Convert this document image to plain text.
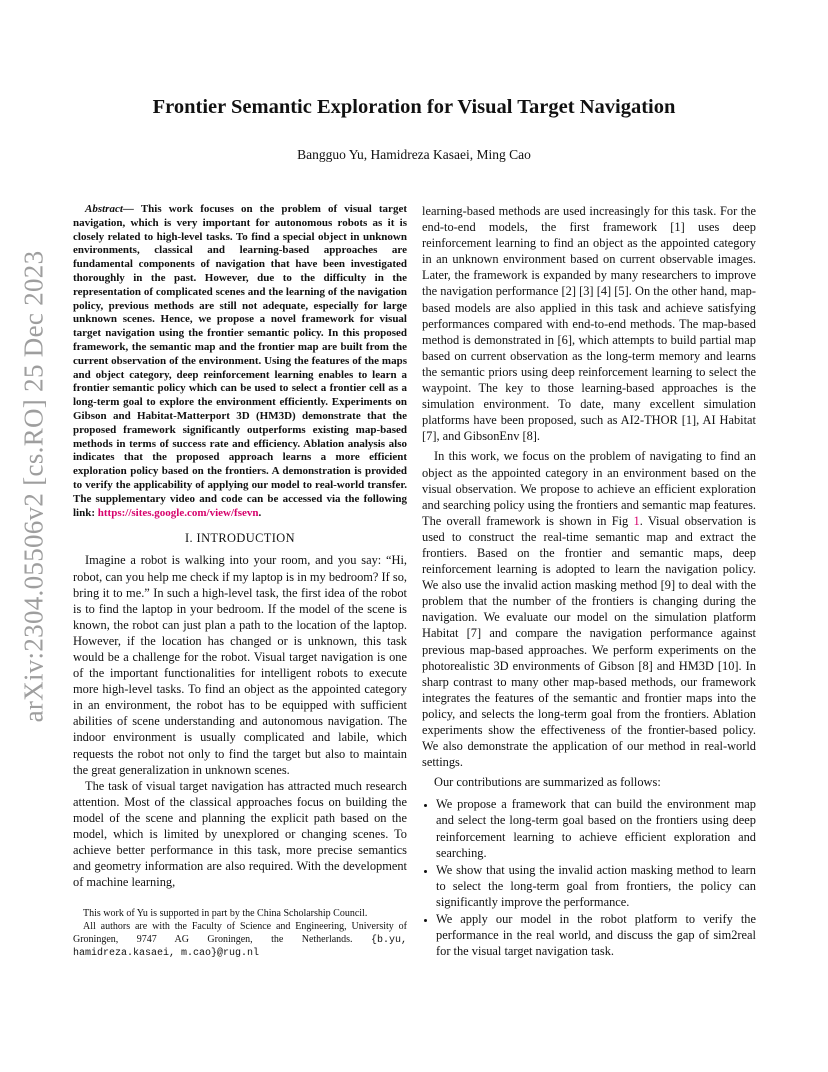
arXiv:2304.05506v2 [cs.RO] 25 Dec 2023
Frontier Semantic Exploration for Visual Target Navigation
Bangguo Yu, Hamidreza Kasaei, Ming Cao

Abstract— This work focuses on the problem of visual target navigation, which is very important for autonomous robots as it is closely related to high-level tasks. To find a special object in unknown environments, classical and learning-based approaches are fundamental components of navigation that have been investigated thoroughly in the past. However, due to the difficulty in the representation of complicated scenes and the learning of the navigation policy, previous methods are still not adequate, especially for large unknown scenes. Hence, we propose a novel framework for visual target navigation using the frontier semantic policy. In this proposed framework, the semantic map and the frontier map are built from the current observation of the environment. Using the features of the maps and object category, deep reinforcement learning enables to learn a frontier semantic policy which can be used to select a frontier cell as a long-term goal to explore the environment efficiently. Experiments on Gibson and Habitat-Matterport 3D (HM3D) demonstrate that the proposed framework significantly outperforms existing map-based methods in terms of success rate and efficiency. Ablation analysis also indicates that the proposed approach learns a more efficient exploration policy based on the frontiers. A demonstration is provided to verify the applicability of applying our model to real-world transfer. The supplementary video and code can be accessed via the following link: https://sites.google.com/view/fsevn.

I. INTRODUCTION

Imagine a robot is walking into your room, and you say: “Hi, robot, can you help me check if my laptop is in my bedroom? If so, bring it to me.” In such a high-level task, the first idea of the robot is to find the laptop in your bedroom. If the model of the scene is known, the robot can just plan a path to the location of the laptop. However, if the location has changed or is unknown, this task would be a challenge for the robot. Visual target navigation is one of the important functionalities for intelligent robots to execute more high-level tasks. To find an object as the appointed category in an environment, the robot has to be equipped with sufficient abilities of scene understanding and autonomous navigation. The indoor environment is usually complicated and labile, which requests the robot not only to find the target but also to maintain the great generalization in unknown scenes.

The task of visual target navigation has attracted much research attention. Most of the classical approaches focus on building the model of the scene and planning the explicit path based on the model, which is limited by unexplored or changing scenes. To achieve better performance in this task, more precise semantics and geometry information are also required. With the development of machine learning,

This work of Yu is supported in part by the China Scholarship Council.

All authors are with the Faculty of Science and Engineering, University of Groningen, 9747 AG Groningen, the Netherlands. {b.yu, hamidreza.kasaei, m.cao}@rug.nl

learning-based methods are used increasingly for this task. For the end-to-end models, the first framework [1] uses deep reinforcement learning to find an object as the appointed category in an unknown environment based on current observable images. Later, the framework is expanded by many researchers to improve the navigation performance [2] [3] [4] [5]. On the other hand, map-based models are also applied in this task and achieve satisfying performances compared with end-to-end methods. The map-based method is demonstrated in [6], which attempts to build partial map based on current observation as the long-term memory and learns the semantic priors using deep reinforcement learning to select the waypoint. The key to those learning-based approaches is the simulation environment. To date, many excellent simulation platforms have been proposed, such as AI2-THOR [1], AI Habitat [7], and GibsonEnv [8].

In this work, we focus on the problem of navigating to find an object as the appointed category in an environment based on the visual observation. We propose to achieve an efficient exploration and searching policy using the frontiers and semantic map features. The overall framework is shown in Fig 1. Visual observation is used to construct the real-time semantic map and extract the frontiers. Based on the frontier and semantic maps, deep reinforcement learning is adopted to learn the navigation policy. We also use the invalid action masking method [9] to deal with the problem that the number of the frontiers is changing during the navigation. We evaluate our model on the simulation platform Habitat [7] and compare the navigation performance against previous map-based approaches. We perform experiments on the photorealistic 3D environments of Gibson [8] and HM3D [10]. In sharp contrast to many other map-based methods, our framework integrates the features of the semantic and frontier maps into the policy, and selects the long-term goal from the frontiers. Ablation experiments show the effectiveness of the frontier-based policy. We also demonstrate the application of our method in real-world settings.

Our contributions are summarized as follows:

• We propose a framework that can build the environment map and select the long-term goal based on the frontiers using deep reinforcement learning to achieve efficient exploration and searching.
• We show that using the invalid action masking method to learn to select the long-term goal from frontiers, the policy can significantly improve the performance.
• We apply our model in the robot platform to verify the performance in the real world, and discuss the gap of sim2real for the visual target navigation task.
